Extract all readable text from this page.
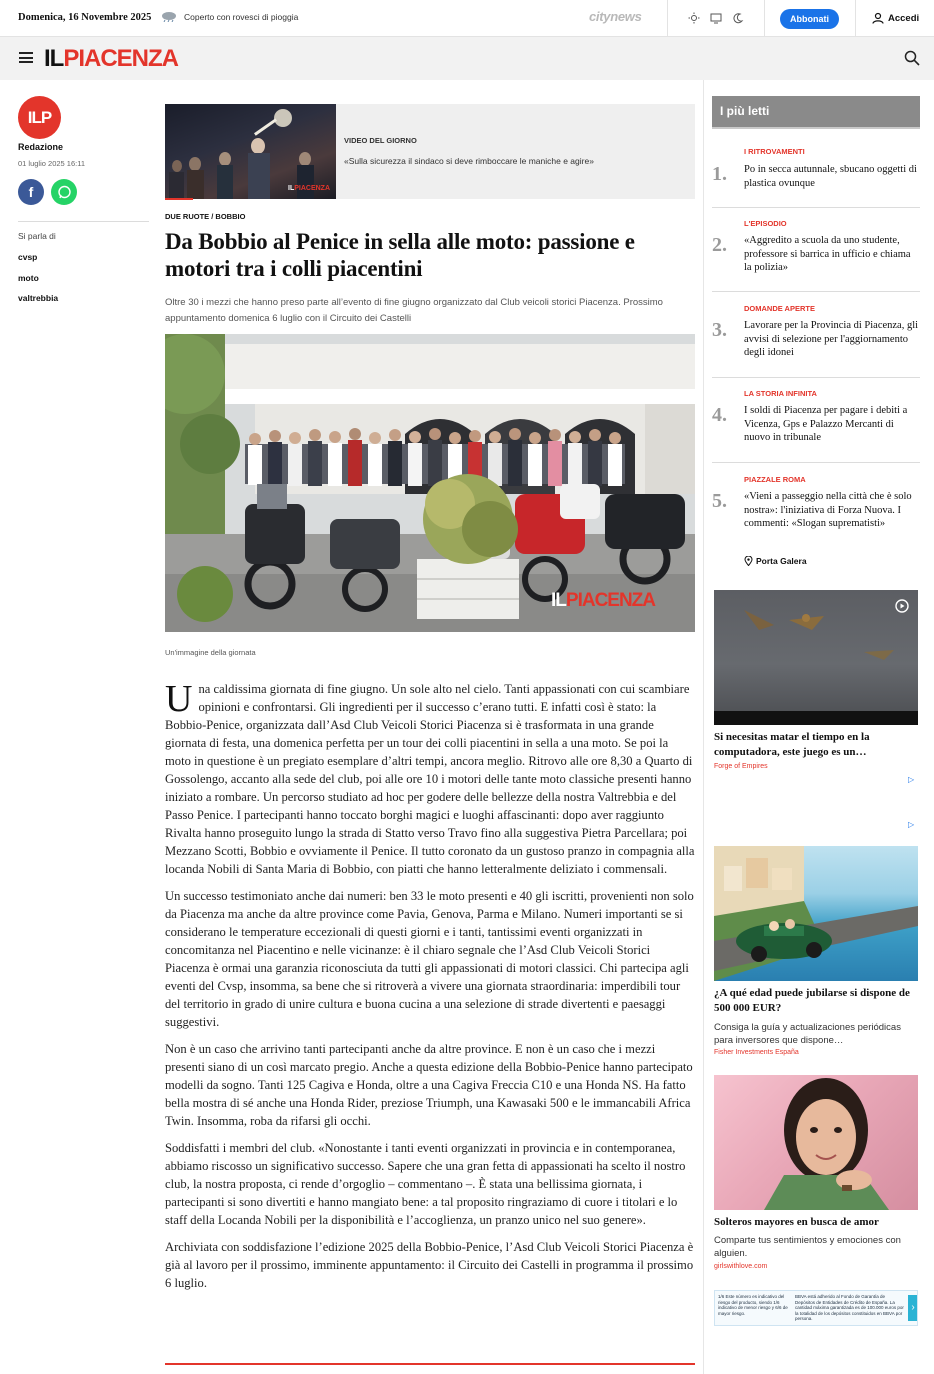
Domenica, 16 Novembre 2025	Coperto con rovesci di pioggia	citynews	Abbonati	Accedi
ILPIACENZA
ILP
Redazione
01 luglio 2025 16:11
f
Si parla di
cvsp
moto
valtrebbia
ILPIACENZA
VIDEO DEL GIORNO
«Sulla sicurezza il sindaco si deve rimboccare le maniche e agire»
DUE RUOTE / BOBBIO
Da Bobbio al Penice in sella alle moto: passione e motori tra i colli piacentini
Oltre 30 i mezzi che hanno preso parte all’evento di fine giugno organizzato dal Club veicoli storici Piacenza. Prossimo appuntamento domenica 6 luglio con il Circuito dei Castelli
ILPIACENZA
Un'immagine della giornata

Una caldissima giornata di fine giugno. Un sole alto nel cielo. Tanti appassionati con cui scambiare opinioni e confrontarsi. Gli ingredienti per il successo c’erano tutti. E infatti così è stato: la Bobbio-Penice, organizzata dall’Asd Club Veicoli Storici Piacenza si è trasformata in una grande giornata di festa, una domenica perfetta per un tour dei colli piacentini in sella a una moto. Se poi la moto in questione è un pregiato esemplare d’altri tempi, ancora meglio. Ritrovo alle ore 8,30 a Quarto di Gossolengo, accanto alla sede del club, poi alle ore 10 i motori delle tante moto classiche presenti hanno iniziato a rombare. Un percorso studiato ad hoc per godere delle bellezze della nostra Valtrebbia e del Passo Penice. I partecipanti hanno toccato borghi magici e luoghi affascinanti: dopo aver raggiunto Rivalta hanno proseguito lungo la strada di Statto verso Travo fino alla suggestiva Pietra Parcellara; poi Mezzano Scotti, Bobbio e ovviamente il Penice. Il tutto coronato da un gustoso pranzo in compagnia alla locanda Nobili di Santa Maria di Bobbio, con piatti che hanno letteralmente deliziato i commensali.

Un successo testimoniato anche dai numeri: ben 33 le moto presenti e 40 gli iscritti, provenienti non solo da Piacenza ma anche da altre province come Pavia, Genova, Parma e Milano. Numeri importanti se si considerano le temperature eccezionali di questi giorni e i tanti, tantissimi eventi organizzati in concomitanza nel Piacentino e nelle vicinanze: è il chiaro segnale che l’Asd Club Veicoli Storici Piacenza è ormai una garanzia riconosciuta da tutti gli appassionati di motori classici. Chi partecipa agli eventi del Cvsp, insomma, sa bene che si ritroverà a vivere una giornata straordinaria: imperdibili tour del territorio in grado di unire cultura e buona cucina a una selezione di strade divertenti e paesaggi suggestivi.

Non è un caso che arrivino tanti partecipanti anche da altre province. E non è un caso che i mezzi presenti siano di un così marcato pregio. Anche a questa edizione della Bobbio-Penice hanno partecipato modelli da sogno. Tanti 125 Cagiva e Honda, oltre a una Cagiva Freccia C10 e una Honda NS. Ha fatto bella mostra di sé anche una Honda Rider, preziose Triumph, una Kawasaki 500 e le immancabili Africa Twin. Insomma, roba da rifarsi gli occhi.

Soddisfatti i membri del club. «Nonostante i tanti eventi organizzati in provincia e in contemporanea, abbiamo riscosso un significativo successo. Sapere che una gran fetta di appassionati ha scelto il nostro club, la nostra proposta, ci rende d’orgoglio – commentano –. È stata una bellissima giornata, i partecipanti si sono divertiti e hanno mangiato bene: a tal proposito ringraziamo di cuore i titolari e lo staff della Locanda Nobili per la disponibilità e l’accoglienza, un pranzo unico nel suo genere».

Archiviata con soddisfazione l’edizione 2025 della Bobbio-Penice, l’Asd Club Veicoli Storici Piacenza è già al lavoro per il prossimo, imminente appuntamento: il Circuito dei Castelli in programma il prossimo 6 luglio.

I più letti
1.
I RITROVAMENTI
Po in secca autunnale, sbucano oggetti di plastica ovunque
2.
L'EPISODIO
«Aggredito a scuola da uno studente, professore si barrica in ufficio e chiama la polizia»
3.
DOMANDE APERTE
Lavorare per la Provincia di Piacenza, gli avvisi di selezione per l'aggiornamento degli idonei
4.
LA STORIA INFINITA
I soldi di Piacenza per pagare i debiti a Vicenza, Gps e Palazzo Mercanti di nuovo in tribunale
5.
PIAZZALE ROMA
«Vieni a passeggio nella città che è solo nostra»: l'iniziativa di Forza Nuova. I commenti: «Slogan suprematisti»
Porta Galera
Si necesitas matar el tiempo en la computadora, este juego es un…
Forge of Empires
▷
▷
¿A qué edad puede jubilarse si dispone de 500 000 EUR?
Consiga la guía y actualizaciones periódicas para inversores que dispone…
Fisher Investments España
Solteros mayores en busca de amor
Comparte tus sentimientos y emociones con alguien.
girlswithlove.com
1/6 Este número es indicativo del riesgo del producto, siendo 1/6 indicativo de menor riesgo y 6/6 de mayor riesgo.
BBVA está adherido al Fondo de Garantía de Depósitos de Entidades de Crédito de España. La cantidad máxima garantizada es de 100.000 euros por la totalidad de los depósitos constituidos en BBVA por persona.
›
